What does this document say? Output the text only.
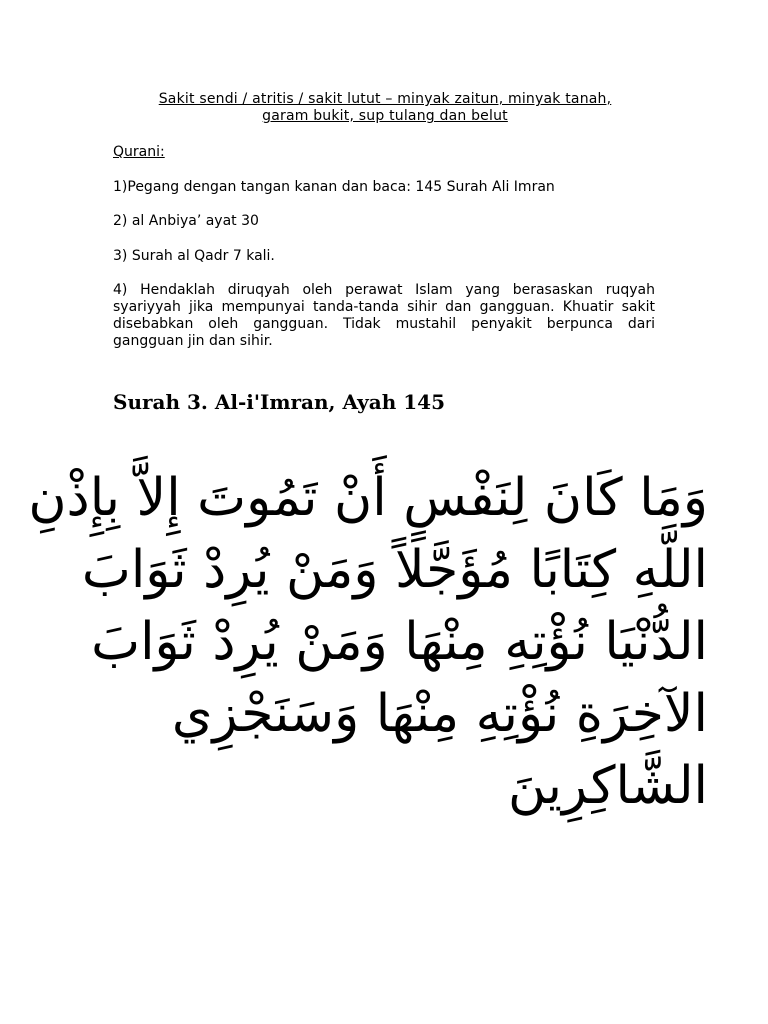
Sakit sendi / atritis / sakit lutut – minyak zaitun, minyak tanah,
garam bukit, sup tulang dan belut
Qurani:
1)Pegang dengan tangan kanan dan baca: 145 Surah Ali Imran
2) al Anbiya’ ayat 30
3) Surah al Qadr 7 kali.
4) Hendaklah diruqyah oleh perawat Islam yang berasaskan ruqyah syariyyah jika mempunyai tanda-tanda sihir dan gangguan. Khuatir sakit disebabkan oleh gangguan. Tidak mustahil penyakit berpunca dari gangguan jin dan sihir.
Surah 3. Al-i'Imran, Ayah 145
وَمَا كَانَ لِنَفْسٍ أَنْ تَمُوتَ إِلاَّ بِإِذْنِ
اللَّهِ كِتَابًا مُؤَجَّلاً وَمَنْ يُرِدْ ثَوَابَ
الدُّنْيَا نُؤْتِهِ مِنْهَا وَمَنْ يُرِدْ ثَوَابَ
الآخِرَةِ نُؤْتِهِ مِنْهَا وَسَنَجْزِي
الشَّاكِرِينَ
